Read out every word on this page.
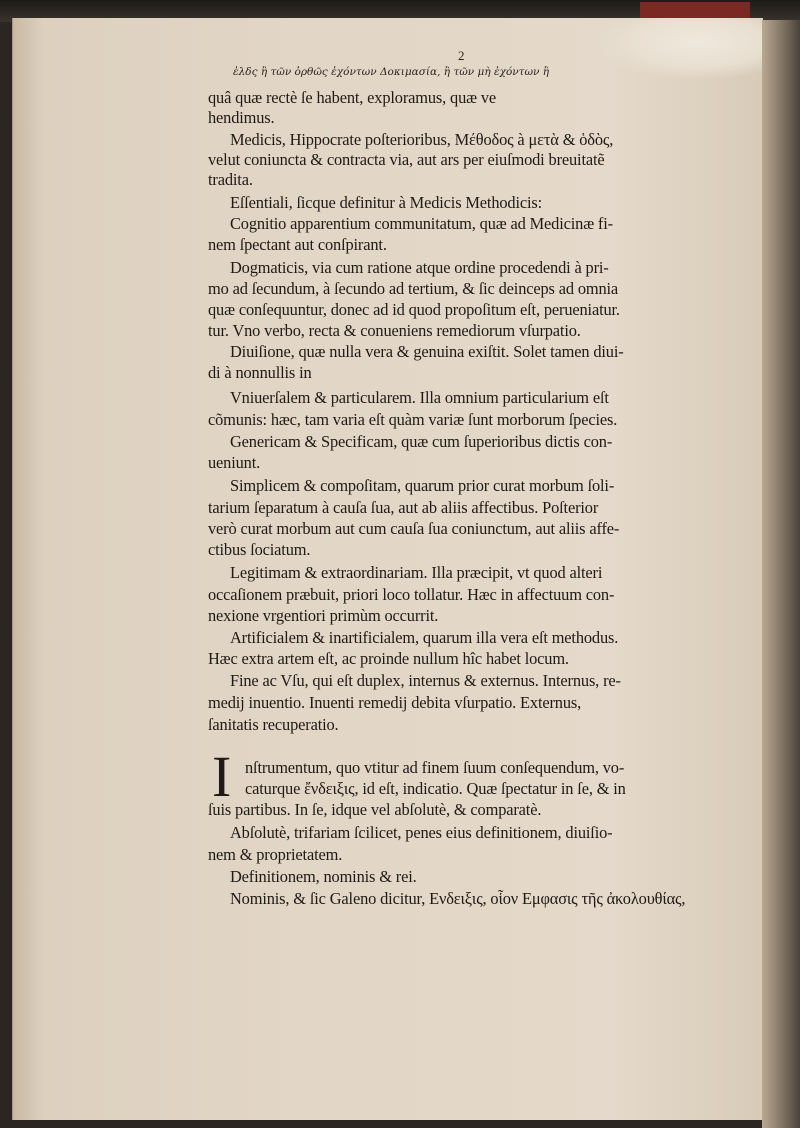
2
ἐλδς ἢ τῶν ὀρθῶς ἐχόντων Δοκιμασία, ἢ τῶν μὴ ἐχόντων ἢ
quâ quæ rectè ſe habent, exploramus, quæ ve
hendimus.
Medicis, Hippocrate poſterioribus, Μέθοδος à μετὰ & ὁδὸς,
velut coniuncta & contracta via, aut ars per eiuſmodi breuitatẽ
tradita.
Eſſentiali, ſicque definitur à Medicis Methodicis:
Cognitio apparentium communitatum, quæ ad Medicinæ fi-
nem ſpectant aut conſpirant.
Dogmaticis, via cum ratione atque ordine procedendi à pri-
mo ad ſecundum, à ſecundo ad tertium, & ſic deinceps ad omnia
quæ conſequuntur, donec ad id quod propoſitum eſt, perueniatur.
tur. Vno verbo, recta & conueniens remediorum vſurpatio.
Diuiſione, quæ nulla vera & genuina exiſtit. Solet tamen diui-
di à nonnullis in
Vniuerſalem & particularem. Illa omnium particularium eſt
cõmunis: hæc, tam varia eſt quàm variæ ſunt morborum ſpecies.
Genericam & Specificam, quæ cum ſuperioribus dictis con-
ueniunt.
Simplicem & compoſitam, quarum prior curat morbum ſoli-
tarium ſeparatum à cauſa ſua, aut ab aliis affectibus. Poſterior
verò curat morbum aut cum cauſa ſua coniunctum, aut aliis affe-
ctibus ſociatum.
Legitimam & extraordinariam. Illa præcipit, vt quod alteri
occaſionem præbuit, priori loco tollatur. Hæc in affectuum con-
nexione vrgentiori primùm occurrit.
Artificialem & inartificialem, quarum illa vera eſt methodus.
Hæc extra artem eſt, ac proinde nullum hîc habet locum.
Fine ac Vſu, qui eſt duplex, internus & externus. Internus, re-
medij inuentio. Inuenti remedij debita vſurpatio. Externus,
ſanitatis recuperatio.
nſtrumentum, quo vtitur ad finem ſuum conſequendum, vo-
caturque ἔνδειξις, id eſt, indicatio. Quæ ſpectatur in ſe, & in
ſuis partibus. In ſe, idque vel abſolutè, & comparatè.
Abſolutè, trifariam ſcilicet, penes eius definitionem, diuiſio-
nem & proprietatem.
Definitionem, nominis & rei.
Nominis, & ſic Galeno dicitur, Ενδειξις, οἷον Εμφασις τῆς ἀκολουθίας,
I
